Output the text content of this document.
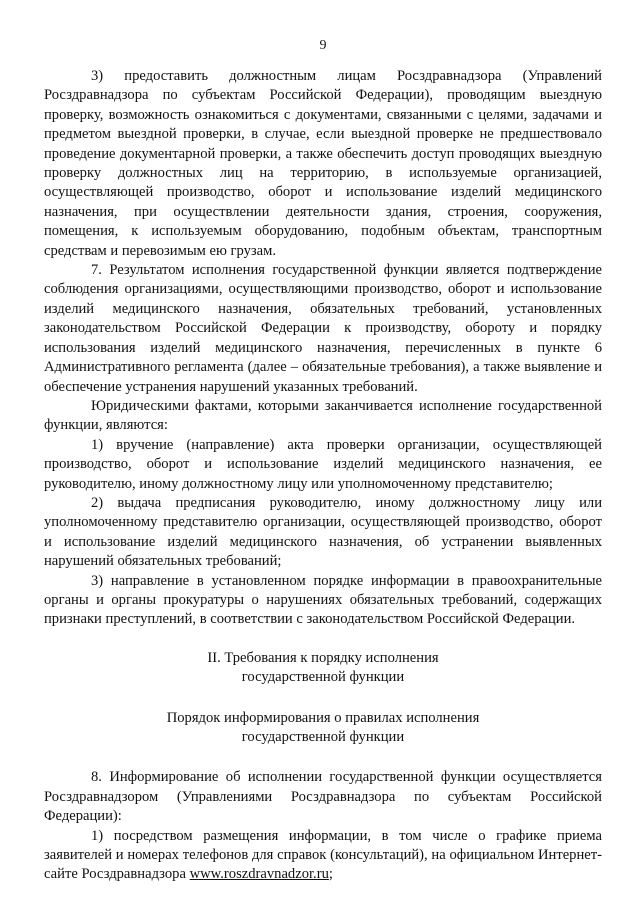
9

3) предоставить должностным лицам Росздравнадзора (Управлений Росздравнадзора по субъектам Российской Федерации), проводящим выездную проверку, возможность ознакомиться с документами, связанными с целями, задачами и предметом выездной проверки, в случае, если выездной проверке не предшествовало проведение документарной проверки, а также обеспечить доступ проводящих выездную проверку должностных лиц на территорию, в используемые организацией, осуществляющей производство, оборот и использование изделий медицинского назначения, при осуществлении деятельности здания, строения, сооружения, помещения, к используемым оборудованию, подобным объектам, транспортным средствам и перевозимым ею грузам.

7. Результатом исполнения государственной функции является подтверждение соблюдения организациями, осуществляющими производство, оборот и использование изделий медицинского назначения, обязательных требований, установленных законодательством Российской Федерации к производству, обороту и порядку использования изделий медицинского назначения, перечисленных в пункте 6 Административного регламента (далее – обязательные требования), а также выявление и обеспечение устранения нарушений указанных требований.

Юридическими фактами, которыми заканчивается исполнение государственной функции, являются:

1) вручение (направление) акта проверки организации, осуществляющей производство, оборот и использование изделий медицинского назначения, ее руководителю, иному должностному лицу или уполномоченному представителю;

2) выдача предписания руководителю, иному должностному лицу или уполномоченному представителю организации, осуществляющей производство, оборот и использование изделий медицинского назначения, об устранении выявленных нарушений обязательных требований;

3) направление в установленном порядке информации в правоохранительные органы и органы прокуратуры о нарушениях обязательных требований, содержащих признаки преступлений, в соответствии с законодательством Российской Федерации.

II. Требования к порядку исполнения
государственной функции
Порядок информирования о правилах исполнения
государственной функции

8. Информирование об исполнении государственной функции осуществляется Росздравнадзором (Управлениями Росздравнадзора по субъектам Российской Федерации):

1) посредством размещения информации, в том числе о графике приема заявителей и номерах телефонов для справок (консультаций), на официальном Интернет-сайте Росздравнадзора www.roszdravnadzor.ru;
